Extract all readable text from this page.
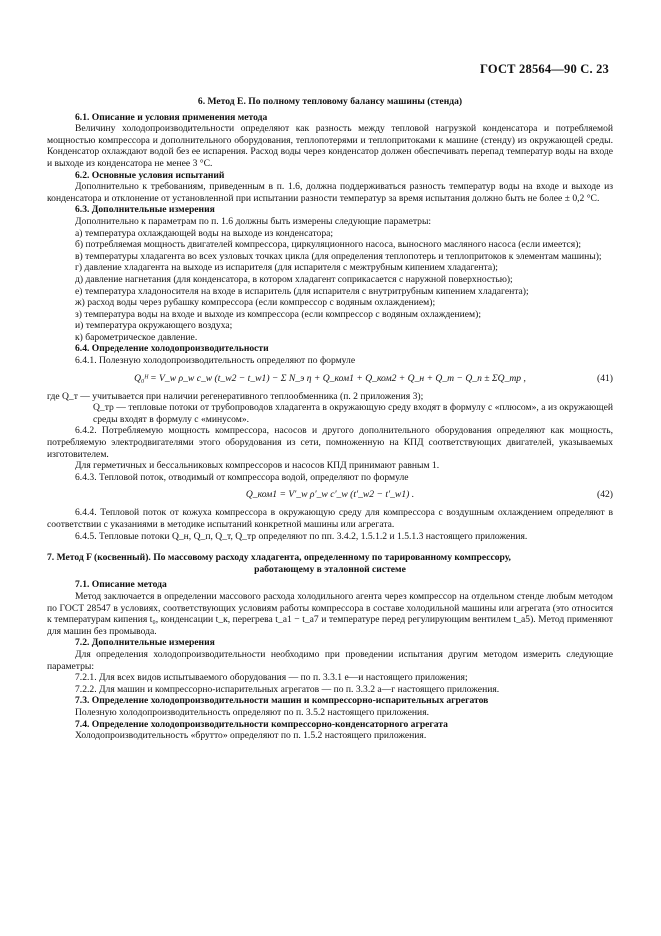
ГОСТ 28564—90 С. 23

6. Метод Е. По полному тепловому балансу машины (стенда)

6.1. Описание и условия применения метода

Величину холодопроизводительности определяют как разность между тепловой нагрузкой конденсатора и потребляемой мощностью компрессора и дополнительного оборудования, теплопотерями и теплопритоками к машине (стенду) из окружающей среды. Конденсатор охлаждают водой без ее испарения. Расход воды через конденсатор должен обеспечивать перепад температур воды на входе и выходе из конденсатора не менее 3 °С.

6.2. Основные условия испытаний

Дополнительно к требованиям, приведенным в п. 1.6, должна поддерживаться разность температур воды на входе и выходе из конденсатора и отклонение от установленной при испытании разности температур за время испытания должно быть не более ± 0,2 °С.

6.3. Дополнительные измерения

Дополнительно к параметрам по п. 1.6 должны быть измерены следующие параметры:

а) температура охлаждающей воды на выходе из конденсатора;

б) потребляемая мощность двигателей компрессора, циркуляционного насоса, выносного масляного насоса (если имеется);

в) температуры хладагента во всех узловых точках цикла (для определения теплопотерь и теплопритоков к элементам машины);

г) давление хладагента на выходе из испарителя (для испарителя с межтрубным кипением хладагента);

д) давление нагнетания (для конденсатора, в котором хладагент соприкасается с наружной поверхностью);

е) температура хладоносителя на входе в испаритель (для испарителя с внутритрубным кипением хладагента);

ж) расход воды через рубашку компрессора (если компрессор с водяным охлаждением);

з) температура воды на входе и выходе из компрессора (если компрессор с водяным охлаждением);

и) температура окружающего воздуха;

к) барометрическое давление.

6.4. Определение холодопроизводительности

6.4.1. Полезную холодопроизводительность определяют по формуле

Q₀ᴴ = V_w ρ_w c_w (t_w2 − t_w1) − Σ N_э η + Q_ком1 + Q_ком2 + Q_н + Q_т − Q_п ± ΣQ_тр ,	(41)

где Q_т — учитывается при наличии регенеративного теплообменника (п. 2 приложения 3);

Q_тр — тепловые потоки от трубопроводов хладагента в окружающую среду входят в формулу с «плюсом», а из окружающей среды входят в формулу с «минусом».

6.4.2. Потребляемую мощность компрессора, насосов и другого дополнительного оборудования определяют как мощность, потребляемую электродвигателями этого оборудования из сети, помноженную на КПД соответствующих двигателей, указываемых изготовителем.

Для герметичных и бессальниковых компрессоров и насосов КПД принимают равным 1.

6.4.3. Тепловой поток, отводимый от компрессора водой, определяют по формуле

Q_ком1 = V′_w ρ′_w c′_w (t′_w2 − t′_w1) .	(42)

6.4.4. Тепловой поток от кожуха компрессора в окружающую среду для компрессора с воздушным охлаждением определяют в соответствии с указаниями в методике испытаний конкретной машины или агрегата.

6.4.5. Тепловые потоки Q_н, Q_п, Q_т, Q_тр определяют по пп. 3.4.2, 1.5.1.2 и 1.5.1.3 настоящего приложения.

7. Метод F (косвенный). По массовому расходу хладагента, определенному по тарированному компрессору,
работающему в эталонной системе

7.1. Описание метода

Метод заключается в определении массового расхода холодильного агента через компрессор на отдельном стенде любым методом по ГОСТ 28547 в условиях, соответствующих условиям работы компрессора в составе холодильной машины или агрегата (это относится к температурам кипения t₀, конденсации t_к, перегрева t_a1 − t_a7 и температуре перед регулирующим вентилем t_a5). Метод применяют для машин без промывода.

7.2. Дополнительные измерения

Для определения холодопроизводительности необходимо при проведении испытания другим методом измерить следующие параметры:

7.2.1. Для всех видов испытываемого оборудования — по п. 3.3.1 е—и настоящего приложения;

7.2.2. Для машин и компрессорно-испарительных агрегатов — по п. 3.3.2 а—г настоящего приложения.

7.3. Определение холодопроизводительности машин и компрессорно-испарительных агрегатов

Полезную холодопроизводительность определяют по п. 3.5.2 настоящего приложения.

7.4. Определение холодопроизводительности компрессорно-конденсаторного агрегата

Холодопроизводительность «брутто» определяют по п. 1.5.2 настоящего приложения.
